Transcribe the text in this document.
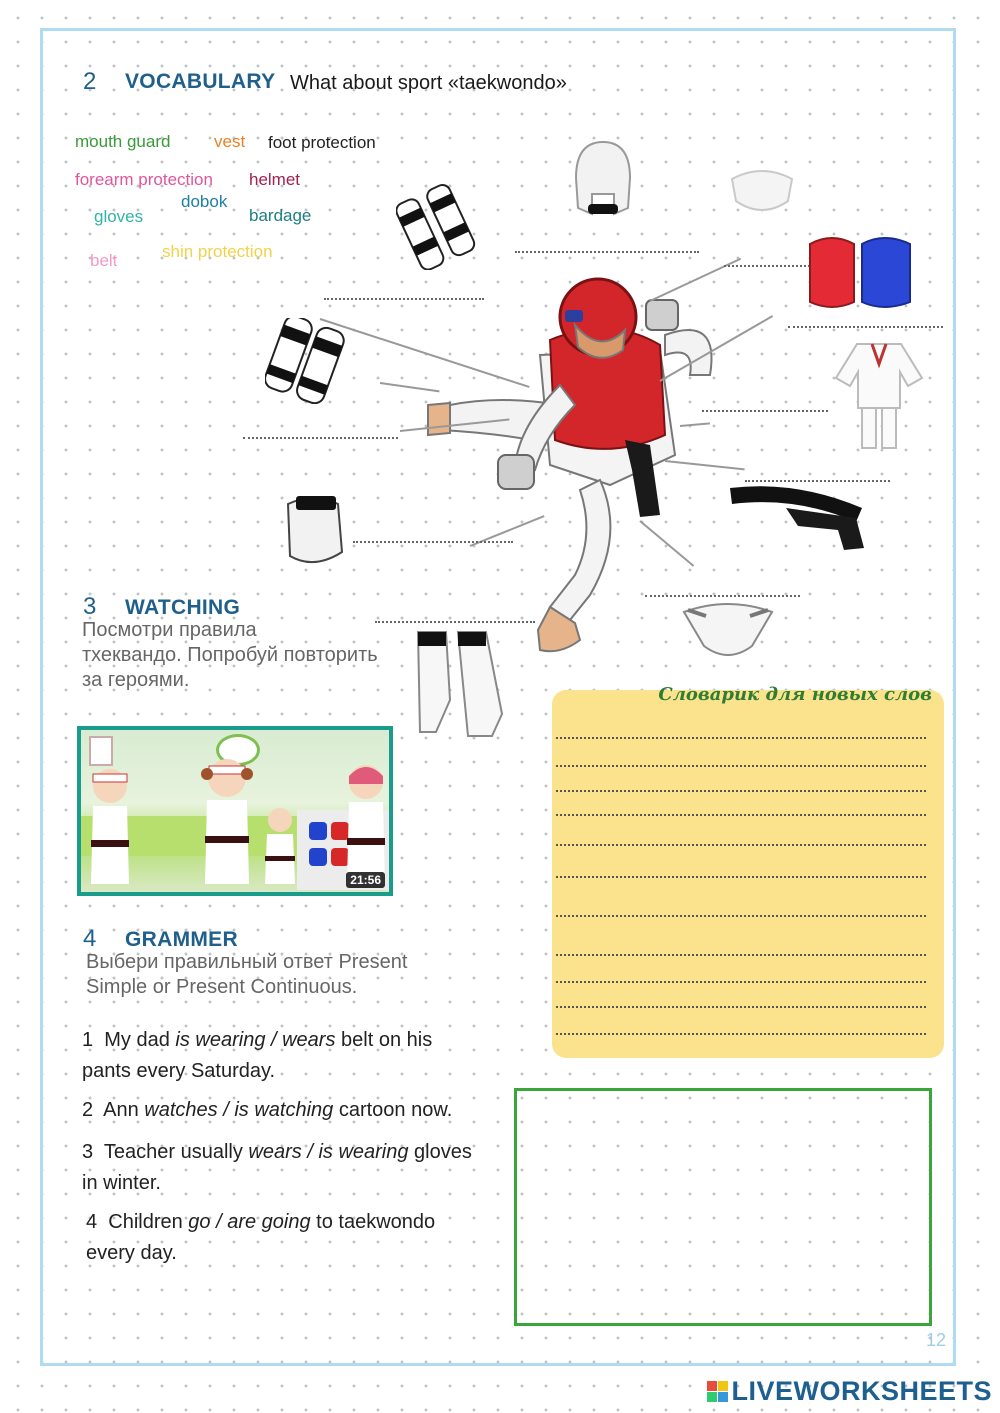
2 VOCABULARY What about sport «taekwondo»
mouth guard	vest foot protection
forearm protection helmet
gloves
dobok
bardage
belt	shin protection
3 WATCHING
Посмотри правила
тхеквандо. Попробуй повторить
за героями.
21:56
Словарик для новых слов
4 GRAMMER
Выбери правильный ответ Present
Simple or Present Continuous.
1 My dad is wearing / wears belt on his
pants every Saturday.
2 Ann watches / is watching cartoon now.
3 Teacher usually wears / is wearing gloves
in winter.
4 Children go / are going to taekwondo
every day.
12
LIVEWORKSHEETS
